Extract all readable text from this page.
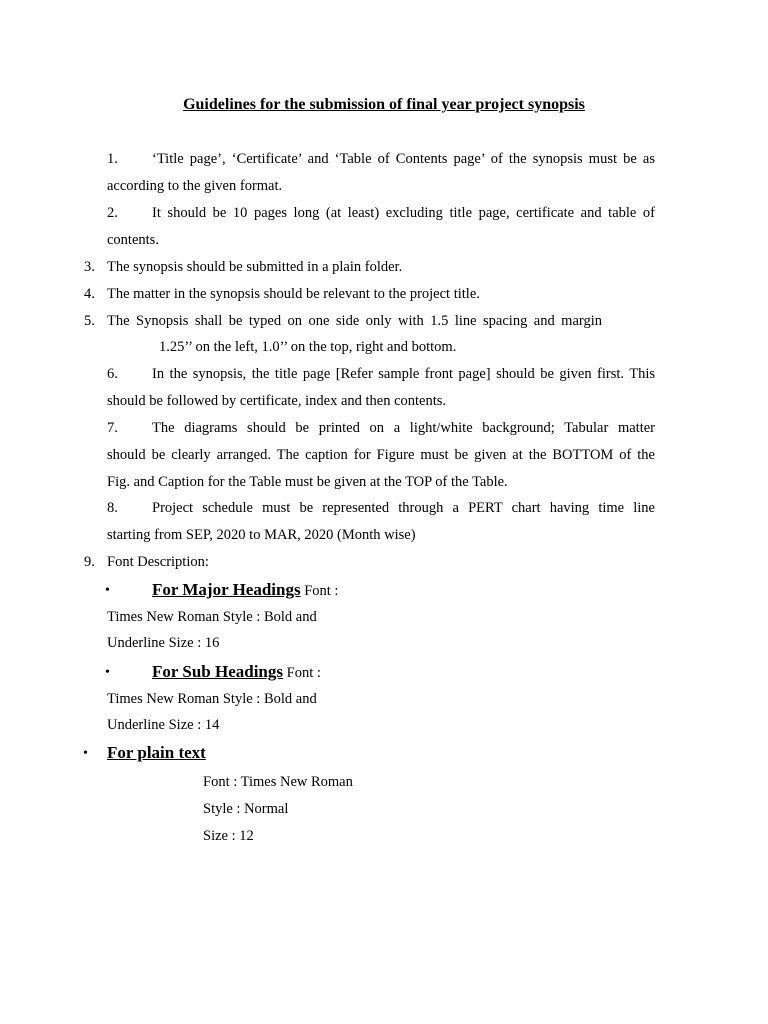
Guidelines for the submission of final year project synopsis
1. ‘Title page’, ‘Certificate’ and ‘Table of Contents page’ of the synopsis must be as
according to the given format.
2. It should be 10 pages long (at least) excluding title page, certificate and table of
contents.
3. The synopsis should be submitted in a plain folder.
4. The matter in the synopsis should be relevant to the project title.
5. The Synopsis shall be typed on one side only with 1.5 line spacing and margin
1.25’’ on the left, 1.0’’ on the top, right and bottom.
6. In the synopsis, the title page [Refer sample front page] should be given first. This
should be followed by certificate, index and then contents.
7. The diagrams should be printed on a light/white background; Tabular matter
should be clearly arranged. The caption for Figure must be given at the BOTTOM of the
Fig. and Caption for the Table must be given at the TOP of the Table.
8. Project schedule must be represented through a PERT chart having time line
starting from SEP, 2020 to MAR, 2020 (Month wise)
9. Font Description:
• For Major Headings Font :
Times New Roman Style : Bold and
Underline Size : 16
• For Sub Headings Font :
Times New Roman Style : Bold and
Underline Size : 14
• For plain text
Font : Times New Roman
Style : Normal
Size : 12
